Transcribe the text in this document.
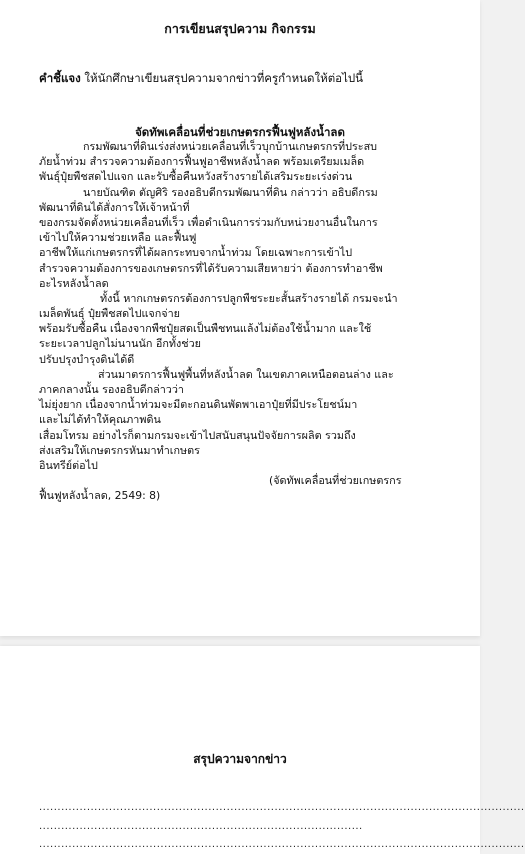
การเขียนสรุปความ กิจกรรม
คำชี้แจง ให้นักศึกษาเขียนสรุปความจากข่าวที่ครูกำหนดให้ต่อไปนี้
จัดทัพเคลื่อนที่ช่วยเกษตรกรฟื้นฟูหลังน้ำลด
กรมพัฒนาที่ดินเร่งส่งหน่วยเคลื่อนที่เร็วบุกบ้านเกษตรกรที่ประสบ
ภัยน้ำท่วม สำรวจความต้องการฟื้นฟูอาชีพหลังน้ำลด พร้อมเตรียมเมล็ด
พันธุ์ปุ๋ยพืชสดไปแจก และรับซื้อคืนหวังสร้างรายได้เสริมระยะเร่งด่วน
นายบัณฑิต ตัญศิริ รองอธิบดีกรมพัฒนาที่ดิน กล่าวว่า อธิบดีกรม
พัฒนาที่ดินได้สั่งการให้เจ้าหน้าที่
ของกรมจัดตั้งหน่วยเคลื่อนที่เร็ว เพื่อดำเนินการร่วมกับหน่วยงานอื่นในการ
เข้าไปให้ความช่วยเหลือ และฟื้นฟู
อาชีพให้แก่เกษตรกรที่ได้ผลกระทบจากน้ำท่วม โดยเฉพาะการเข้าไป
สำรวจความต้องการของเกษตรกรที่ได้รับความเสียหายว่า ต้องการทำอาชีพ
อะไรหลังน้ำลด
ทั้งนี้ หากเกษตรกรต้องการปลูกพืชระยะสั้นสร้างรายได้ กรมจะนำ
เมล็ดพันธุ์ ปุ๋ยพืชสดไปแจกจ่าย
พร้อมรับซื้อคืน เนื่องจากพืชปุ๋ยสดเป็นพืชทนแล้งไม่ต้องใช้น้ำมาก และใช้
ระยะเวลาปลูกไม่นานนัก อีกทั้งช่วย
ปรับปรุงบำรุงดินได้ดี
ส่วนมาตรการฟื้นฟูพื้นที่หลังน้ำลด ในเขตภาคเหนือตอนล่าง และ
ภาคกลางนั้น รองอธิบดีกล่าวว่า
ไม่ยุ่งยาก เนื่องจากน้ำท่วมจะมีตะกอนดินพัดพาเอาปุ๋ยที่มีประโยชน์มา
และไม่ได้ทำให้คุณภาพดิน
เสื่อมโทรม อย่างไรก็ตามกรมจะเข้าไปสนับสนุนปัจจัยการผลิต รวมถึง
ส่งเสริมให้เกษตรกรหันมาทำเกษตร
อินทรีย์ต่อไป
(จัดทัพเคลื่อนที่ช่วยเกษตรกร
ฟื้นฟูหลังน้ำลด, 2549: 8)
สรุปความจากข่าว
....................................................................................................................................
........................................................................................
....................................................................................................................................
